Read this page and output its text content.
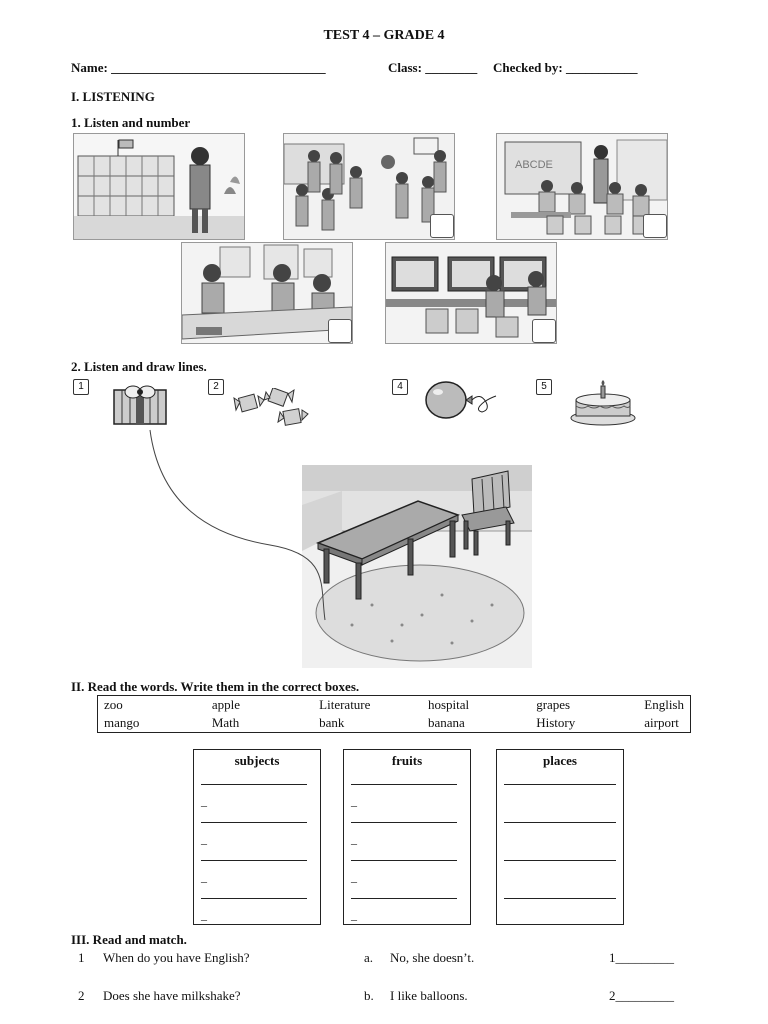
TEST 4 – GRADE 4
Name: _________________________________	Class: ________ Checked by: ___________
I. LISTENING
1. Listen and number
ABCDE
2. Listen and draw lines.
1	2	4	5
II. Read the words. Write them in the correct boxes.
zoo	apple	Literature	hospital	grapes	English
mango	Math	bank	banana	History	airport
subjects
_
_
_
_
fruits
_
_
_
_
places
III. Read and match.
1 When do you have English?	a. No, she doesn’t.	1_________
2 Does she have milkshake?	b. I like balloons.	2_________
